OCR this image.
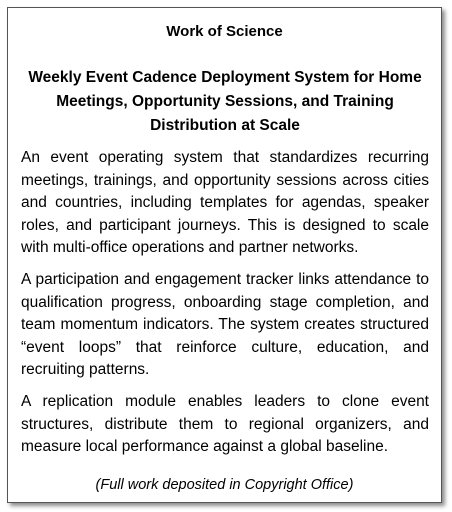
Work of Science
Weekly Event Cadence Deployment System for Home Meetings, Opportunity Sessions, and Training Distribution at Scale

An event operating system that standardizes recurring meetings, trainings, and opportunity sessions across cities and countries, including templates for agendas, speaker roles, and participant journeys. This is designed to scale with multi-office operations and partner networks.

A participation and engagement tracker links attendance to qualification progress, onboarding stage completion, and team momentum indicators. The system creates structured “event loops” that reinforce culture, education, and recruiting patterns.

A replication module enables leaders to clone event structures, distribute them to regional organizers, and measure local performance against a global baseline.

(Full work deposited in Copyright Office)
